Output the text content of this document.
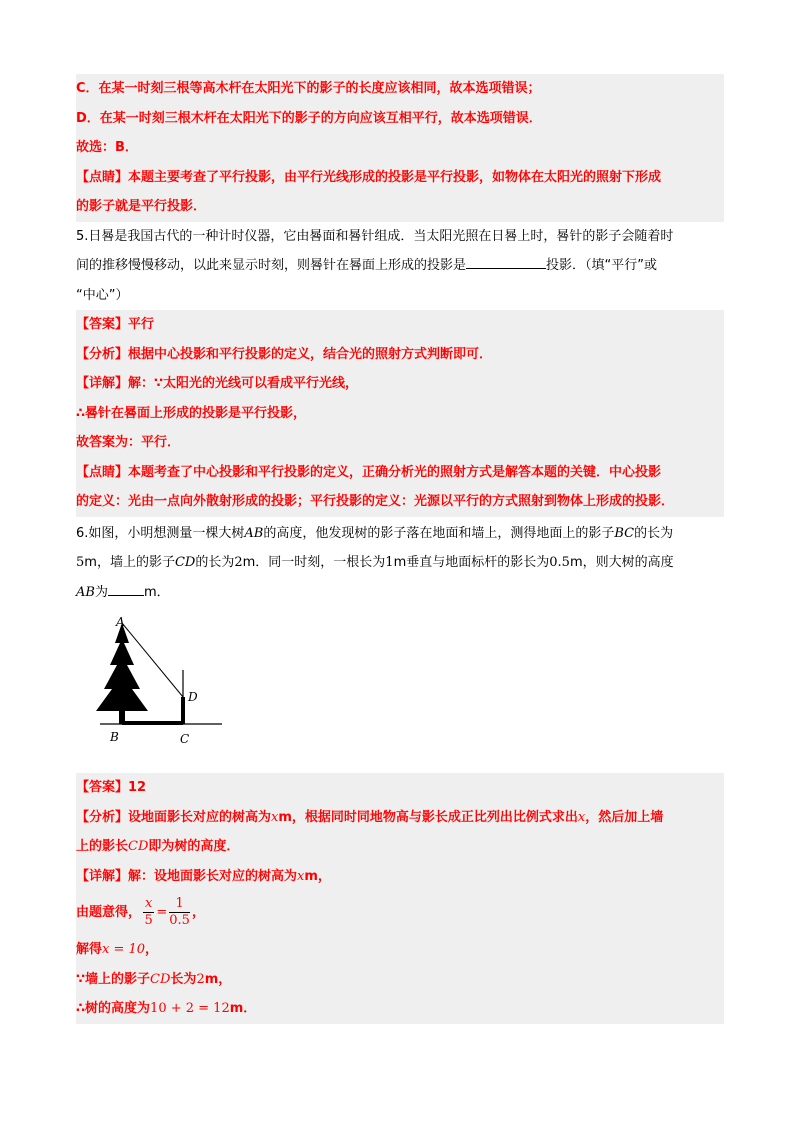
C．在某一时刻三根等高木杆在太阳光下的影子的长度应该相同，故本选项错误；
D．在某一时刻三根木杆在太阳光下的影子的方向应该互相平行，故本选项错误．
故选：B．
【点睛】本题主要考查了平行投影，由平行光线形成的投影是平行投影，如物体在太阳光的照射下形成
的影子就是平行投影．
5.日晷是我国古代的一种计时仪器，它由晷面和晷针组成．当太阳光照在日晷上时，晷针的影子会随着时
间的推移慢慢移动，以此来显示时刻，则晷针在晷面上形成的投影是	投影．（填“平行”或
“中心”）
【答案】平行
【分析】根据中心投影和平行投影的定义，结合光的照射方式判断即可．
【详解】解：∵太阳光的光线可以看成平行光线，
∴晷针在晷面上形成的投影是平行投影，
故答案为：平行．
【点睛】本题考查了中心投影和平行投影的定义，正确分析光的照射方式是解答本题的关键．中心投影
的定义：光由一点向外散射形成的投影；平行投影的定义：光源以平行的方式照射到物体上形成的投影．
6.如图，小明想测量一棵大树AB的高度，他发现树的影子落在地面和墙上，测得地面上的影子BC的长为
5m，墙上的影子CD的长为2m．同一时刻，一根长为1m垂直与地面标杆的影长为0.5m，则大树的高度
AB为	m．
A
B	C
D
【答案】12
【分析】设地面影长对应的树高为xm，根据同时同地物高与影长成正比列出比例式求出x，然后加上墙
上的影长CD即为树的高度．
【详解】解：设地面影长对应的树高为xm，
由题意得， $\frac{x}{5} = \frac{1}{0.5}$ ，
解得x = 10，
∵墙上的影子CD长为2m，
∴树的高度为10 + 2 = 12m．
